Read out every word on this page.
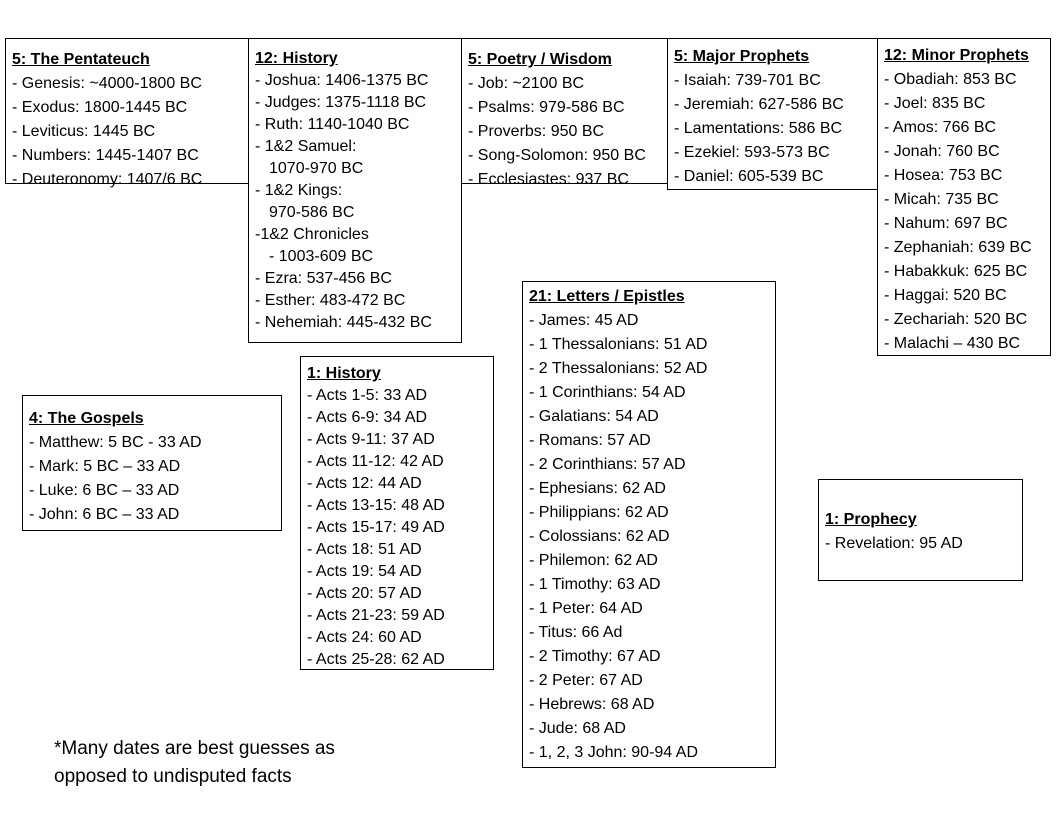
5: The Pentateuch
- Genesis: ~4000-1800 BC
- Exodus: 1800-1445 BC
- Leviticus: 1445 BC
- Numbers: 1445-1407 BC
- Deuteronomy: 1407/6 BC
12: History
- Joshua: 1406-1375 BC
- Judges: 1375-1118 BC
- Ruth: 1140-1040 BC
- 1&2 Samuel:
1070-970 BC
- 1&2 Kings:
970-586 BC
-1&2 Chronicles
- 1003-609 BC
- Ezra: 537-456 BC
- Esther: 483-472 BC
- Nehemiah: 445-432 BC
5: Poetry / Wisdom
- Job: ~2100 BC
- Psalms: 979-586 BC
- Proverbs: 950 BC
- Song-Solomon: 950 BC
- Ecclesiastes: 937 BC
5: Major Prophets
- Isaiah: 739-701 BC
- Jeremiah: 627-586 BC
- Lamentations: 586 BC
- Ezekiel: 593-573 BC
- Daniel: 605-539 BC
12: Minor Prophets
- Obadiah: 853 BC
- Joel: 835 BC
- Amos: 766 BC
- Jonah: 760 BC
- Hosea: 753 BC
- Micah: 735 BC
- Nahum: 697 BC
- Zephaniah: 639 BC
- Habakkuk: 625 BC
- Haggai: 520 BC
- Zechariah: 520 BC
- Malachi – 430 BC
4: The Gospels
- Matthew: 5 BC - 33 AD
- Mark: 5 BC – 33 AD
- Luke: 6 BC – 33 AD
- John: 6 BC – 33 AD
1: History
- Acts 1-5: 33 AD
- Acts 6-9: 34 AD
- Acts 9-11: 37 AD
- Acts 11-12: 42 AD
- Acts 12: 44 AD
- Acts 13-15: 48 AD
- Acts 15-17: 49 AD
- Acts 18: 51 AD
- Acts 19: 54 AD
- Acts 20: 57 AD
- Acts 21-23: 59 AD
- Acts 24: 60 AD
- Acts 25-28: 62 AD
21: Letters / Epistles
- James: 45 AD
- 1 Thessalonians: 51 AD
- 2 Thessalonians: 52 AD
- 1 Corinthians: 54 AD
- Galatians: 54 AD
- Romans: 57 AD
- 2 Corinthians: 57 AD
- Ephesians: 62 AD
- Philippians: 62 AD
- Colossians: 62 AD
- Philemon: 62 AD
- 1 Timothy: 63 AD
- 1 Peter: 64 AD
- Titus: 66 Ad
- 2 Timothy: 67 AD
- 2 Peter: 67 AD
- Hebrews: 68 AD
- Jude: 68 AD
- 1, 2, 3 John: 90-94 AD
1: Prophecy
- Revelation: 95 AD
*Many dates are best guesses as
opposed to undisputed facts
